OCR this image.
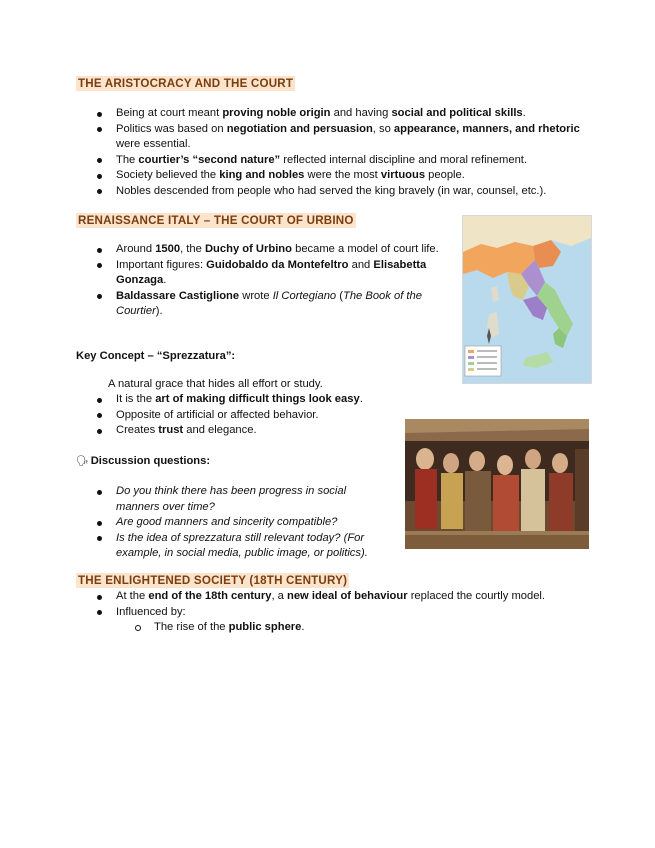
THE ARISTOCRACY AND THE COURT
Being at court meant proving noble origin and having social and political skills.
Politics was based on negotiation and persuasion, so appearance, manners, and rhetoric were essential.
The courtier’s “second nature” reflected internal discipline and moral refinement.
Society believed the king and nobles were the most virtuous people.
Nobles descended from people who had served the king bravely (in war, counsel, etc.).
RENAISSANCE ITALY – THE COURT OF URBINO
Around 1500, the Duchy of Urbino became a model of court life.
Important figures: Guidobaldo da Montefeltro and Elisabetta Gonzaga.
Baldassare Castiglione wrote Il Cortegiano (The Book of the Courtier).
Key Concept – “Sprezzatura”:
A natural grace that hides all effort or study.
It is the art of making difficult things look easy.
Opposite of artificial or affected behavior.
Creates trust and elegance.
🗣 Discussion questions:
Do you think there has been progress in social manners over time?
Are good manners and sincerity compatible?
Is the idea of sprezzatura still relevant today? (For example, in social media, public image, or politics).
THE ENLIGHTENED SOCIETY (18TH CENTURY)
At the end of the 18th century, a new ideal of behaviour replaced the courtly model.
Influenced by:
The rise of the public sphere.
